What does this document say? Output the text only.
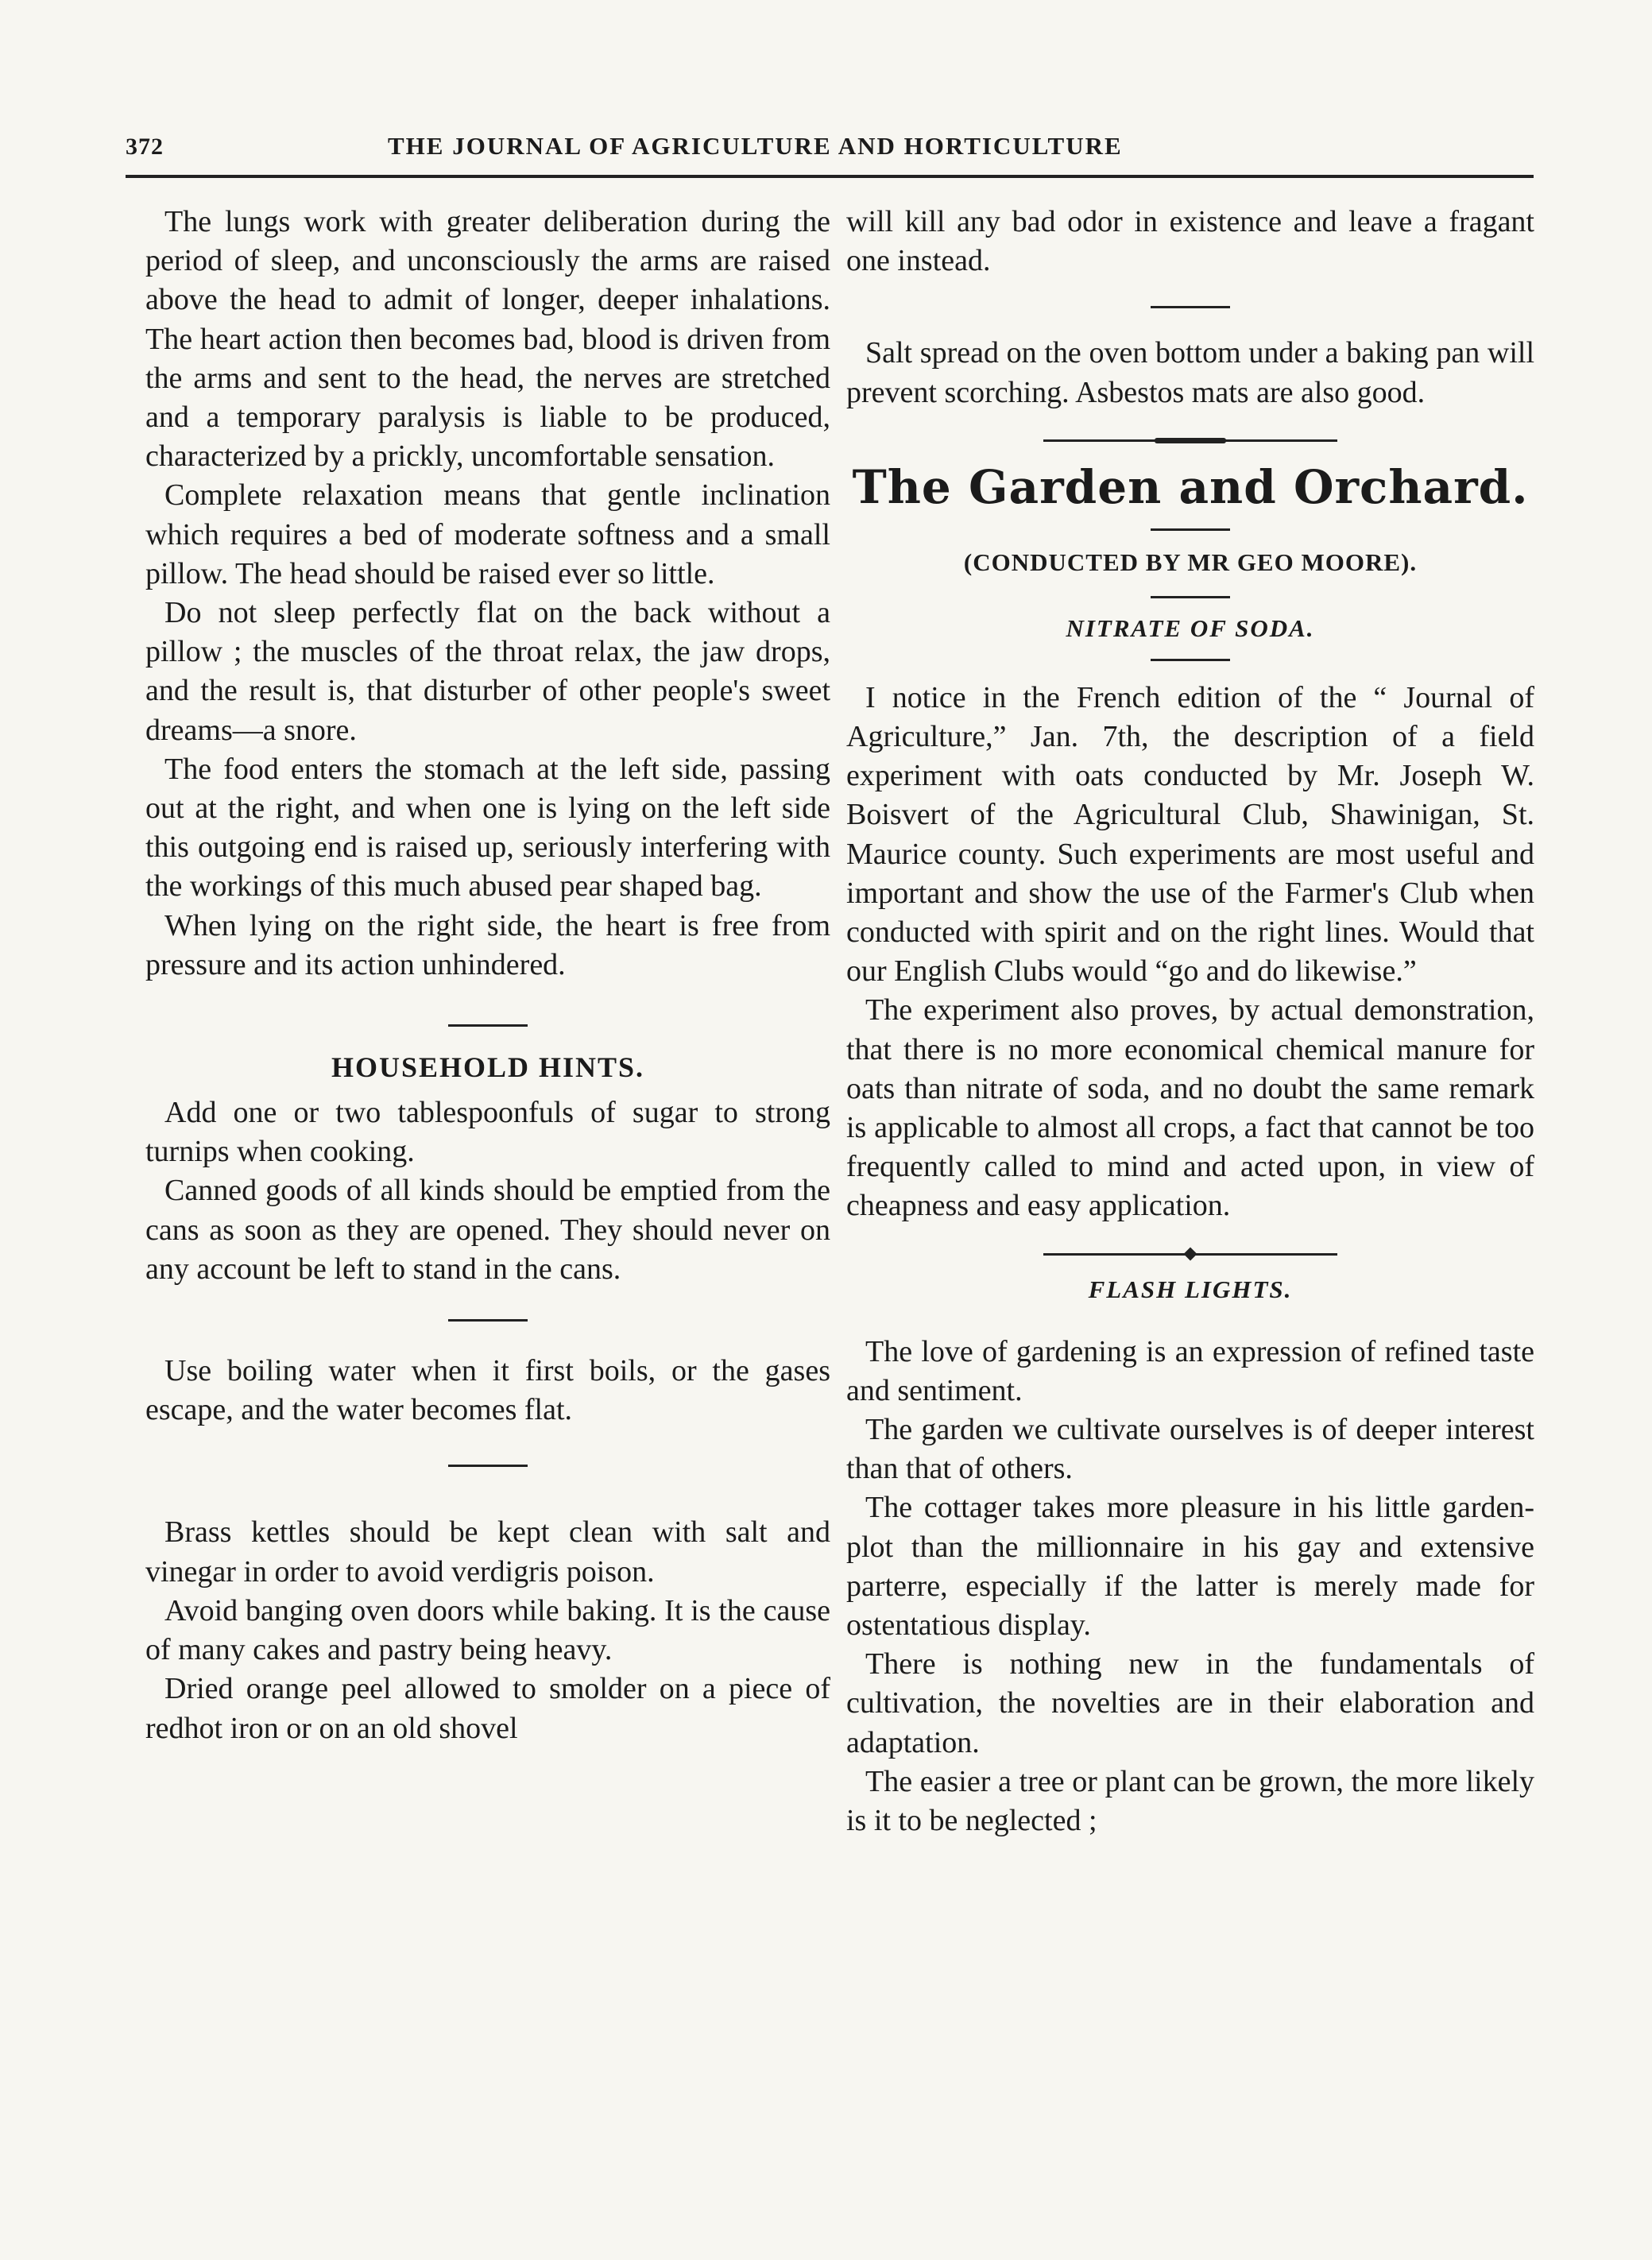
372	THE JOURNAL OF AGRICULTURE AND HORTICULTURE

The lungs work with greater deliberation during the period of sleep, and unconsciously the arms are raised above the head to admit of longer, deeper inhalations. The heart action then becomes bad, blood is driven from the arms and sent to the head, the nerves are stretched and a temporary paralysis is liable to be produced, characterized by a prickly, uncomfortable sensation.

Complete relaxation means that gentle inclination which requires a bed of moderate softness and a small pillow. The head should be raised ever so little.

Do not sleep perfectly flat on the back without a pillow ; the muscles of the throat relax, the jaw drops, and the result is, that disturber of other people's sweet dreams—a snore.

The food enters the stomach at the left side, passing out at the right, and when one is lying on the left side this outgoing end is raised up, seriously interfering with the workings of this much abused pear shaped bag.

When lying on the right side, the heart is free from pressure and its action unhindered.

HOUSEHOLD HINTS.

Add one or two tablespoonfuls of sugar to strong turnips when cooking.

Canned goods of all kinds should be emptied from the cans as soon as they are opened. They should never on any account be left to stand in the cans.

Use boiling water when it first boils, or the gases escape, and the water becomes flat.

Brass kettles should be kept clean with salt and vinegar in order to avoid verdigris poison.

Avoid banging oven doors while baking. It is the cause of many cakes and pastry being heavy.

Dried orange peel allowed to smolder on a piece of redhot iron or on an old shovel

will kill any bad odor in existence and leave a fragant one instead.

Salt spread on the oven bottom under a baking pan will prevent scorching. Asbestos mats are also good.

The Garden and Orchard.
(CONDUCTED BY MR GEO MOORE).
NITRATE OF SODA.

I notice in the French edition of the “ Journal of Agriculture,” Jan. 7th, the description of a field experiment with oats conducted by Mr. Joseph W. Boisvert of the Agricultural Club, Shawinigan, St. Maurice county. Such experiments are most useful and important and show the use of the Farmer's Club when conducted with spirit and on the right lines. Would that our English Clubs would “go and do likewise.”

The experiment also proves, by actual demonstration, that there is no more economical chemical manure for oats than nitrate of soda, and no doubt the same remark is applicable to almost all crops, a fact that cannot be too frequently called to mind and acted upon, in view of cheapness and easy application.

FLASH LIGHTS.

The love of gardening is an expression of refined taste and sentiment.

The garden we cultivate ourselves is of deeper interest than that of others.

The cottager takes more pleasure in his little garden-plot than the millionnaire in his gay and extensive parterre, especially if the latter is merely made for ostentatious display.

There is nothing new in the fundamentals of cultivation, the novelties are in their elaboration and adaptation.

The easier a tree or plant can be grown, the more likely is it to be neglected ;
